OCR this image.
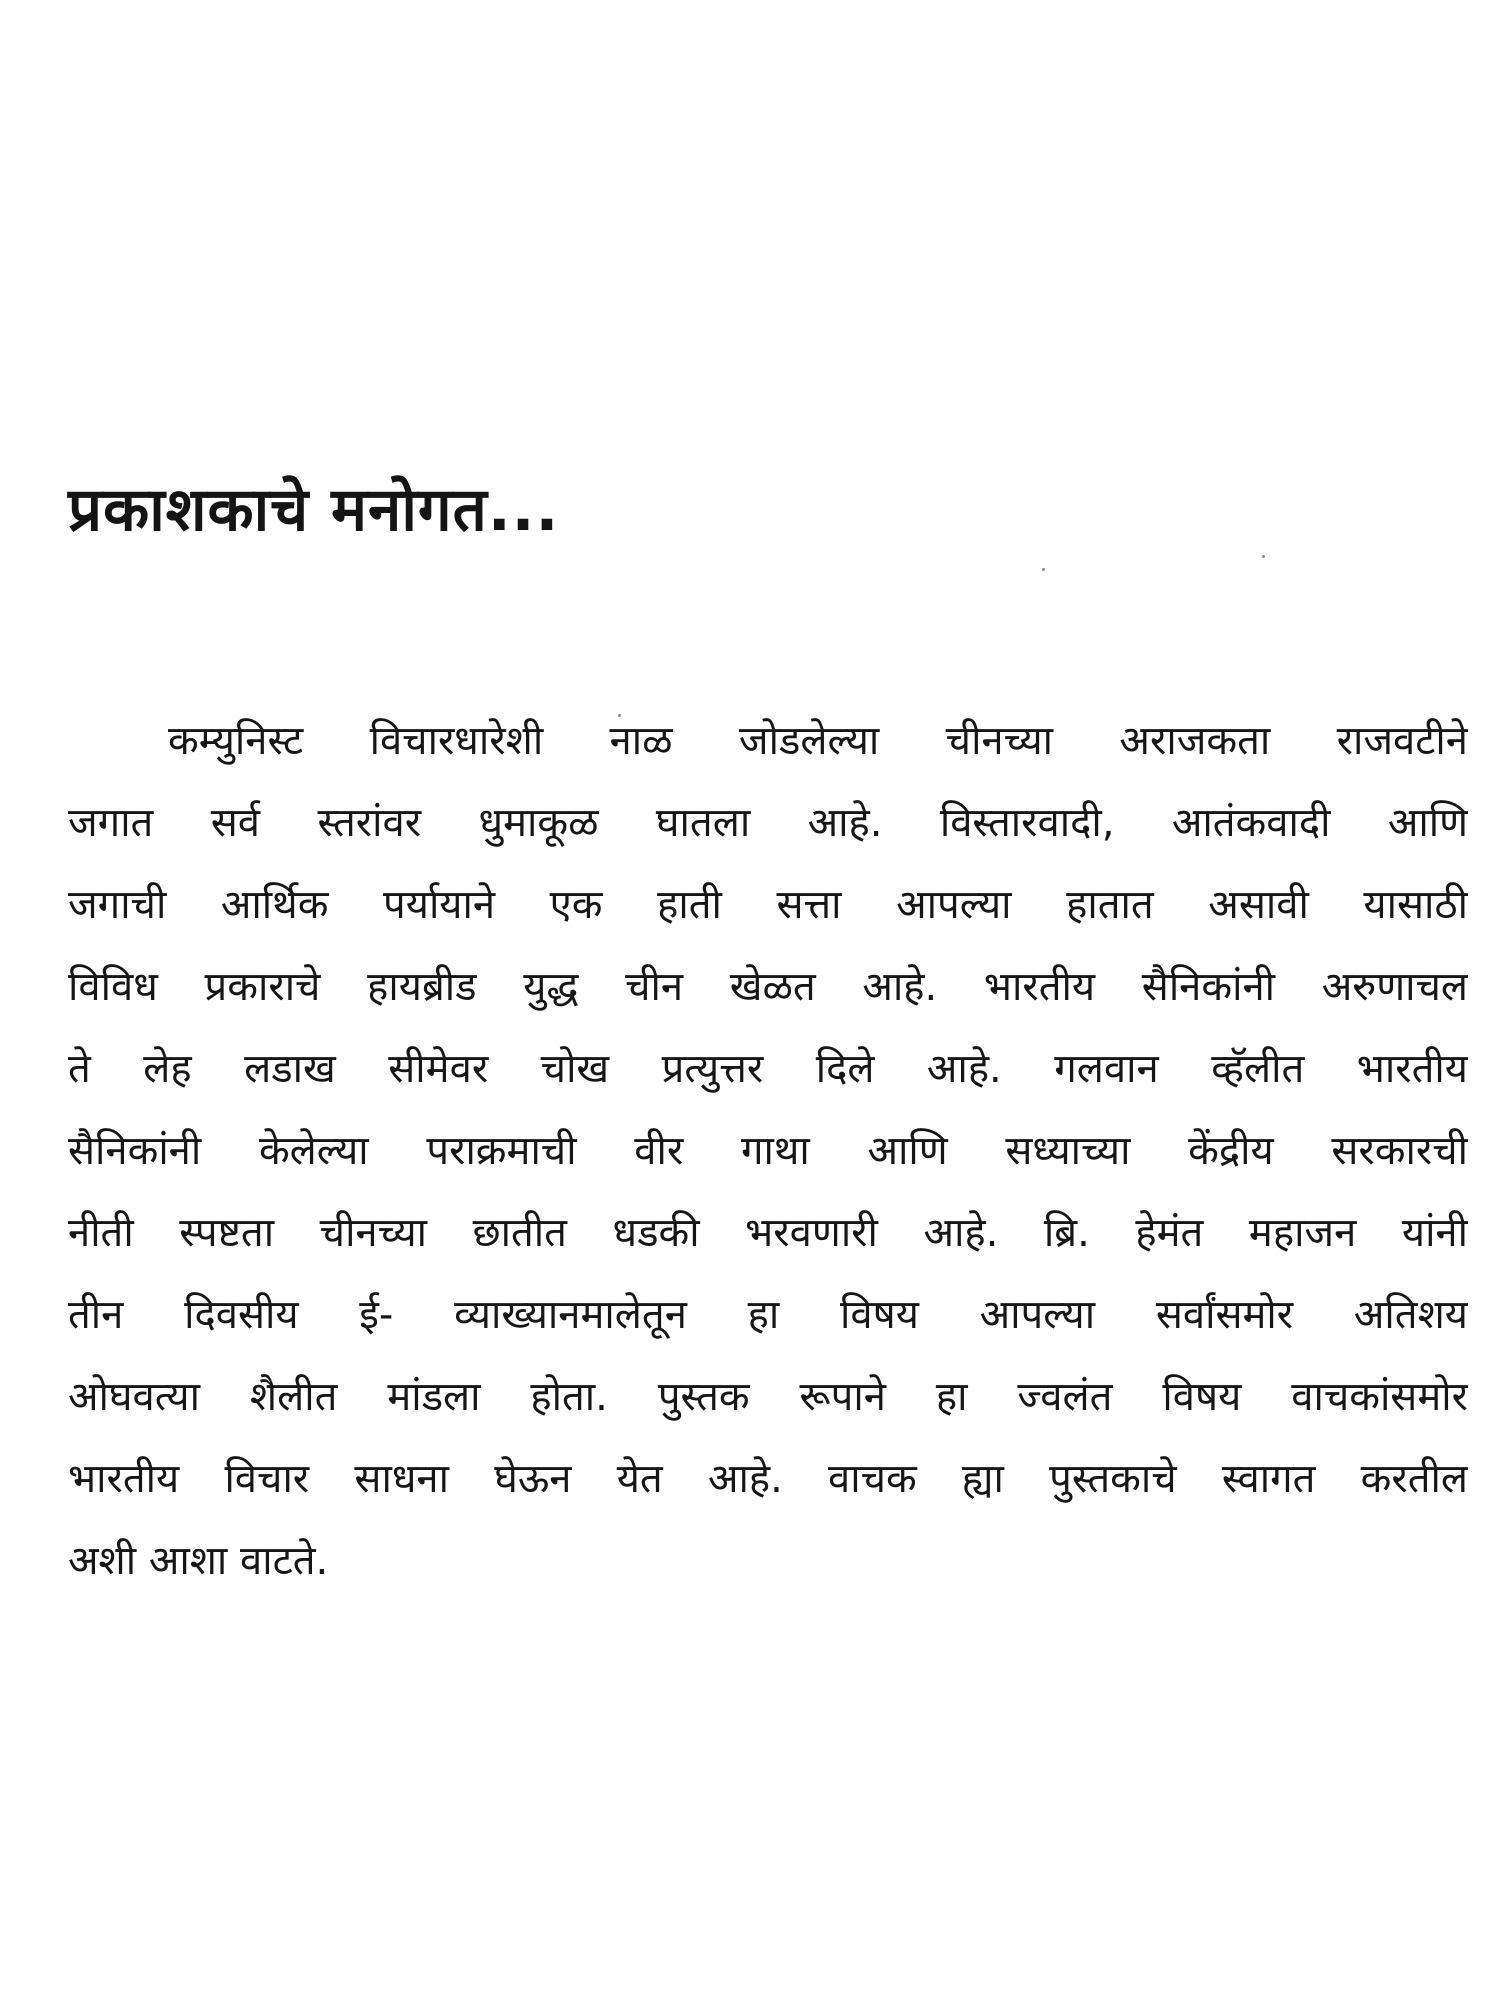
प्रकाशकाचे मनोगत...
कम्युनिस्ट विचारधारेशी नाळ जोडलेल्या चीनच्या अराजकता राजवटीने
जगात सर्व स्तरांवर धुमाकूळ घातला आहे. विस्तारवादी, आतंकवादी आणि
जगाची आर्थिक पर्यायाने एक हाती सत्ता आपल्या हातात असावी यासाठी
विविध प्रकाराचे हायब्रीड युद्ध चीन खेळत आहे. भारतीय सैनिकांनी अरुणाचल
ते लेह लडाख सीमेवर चोख प्रत्युत्तर दिले आहे. गलवान व्हॅलीत भारतीय
सैनिकांनी केलेल्या पराक्रमाची वीर गाथा आणि सध्याच्या केंद्रीय सरकारची
नीती स्पष्टता चीनच्या छातीत धडकी भरवणारी आहे. ब्रि. हेमंत महाजन यांनी
तीन दिवसीय ई- व्याख्यानमालेतून हा विषय आपल्या सर्वांसमोर अतिशय
ओघवत्या शैलीत मांडला होता. पुस्तक रूपाने हा ज्वलंत विषय वाचकांसमोर
भारतीय विचार साधना घेऊन येत आहे. वाचक ह्या पुस्तकाचे स्वागत करतील
अशी आशा वाटते.
